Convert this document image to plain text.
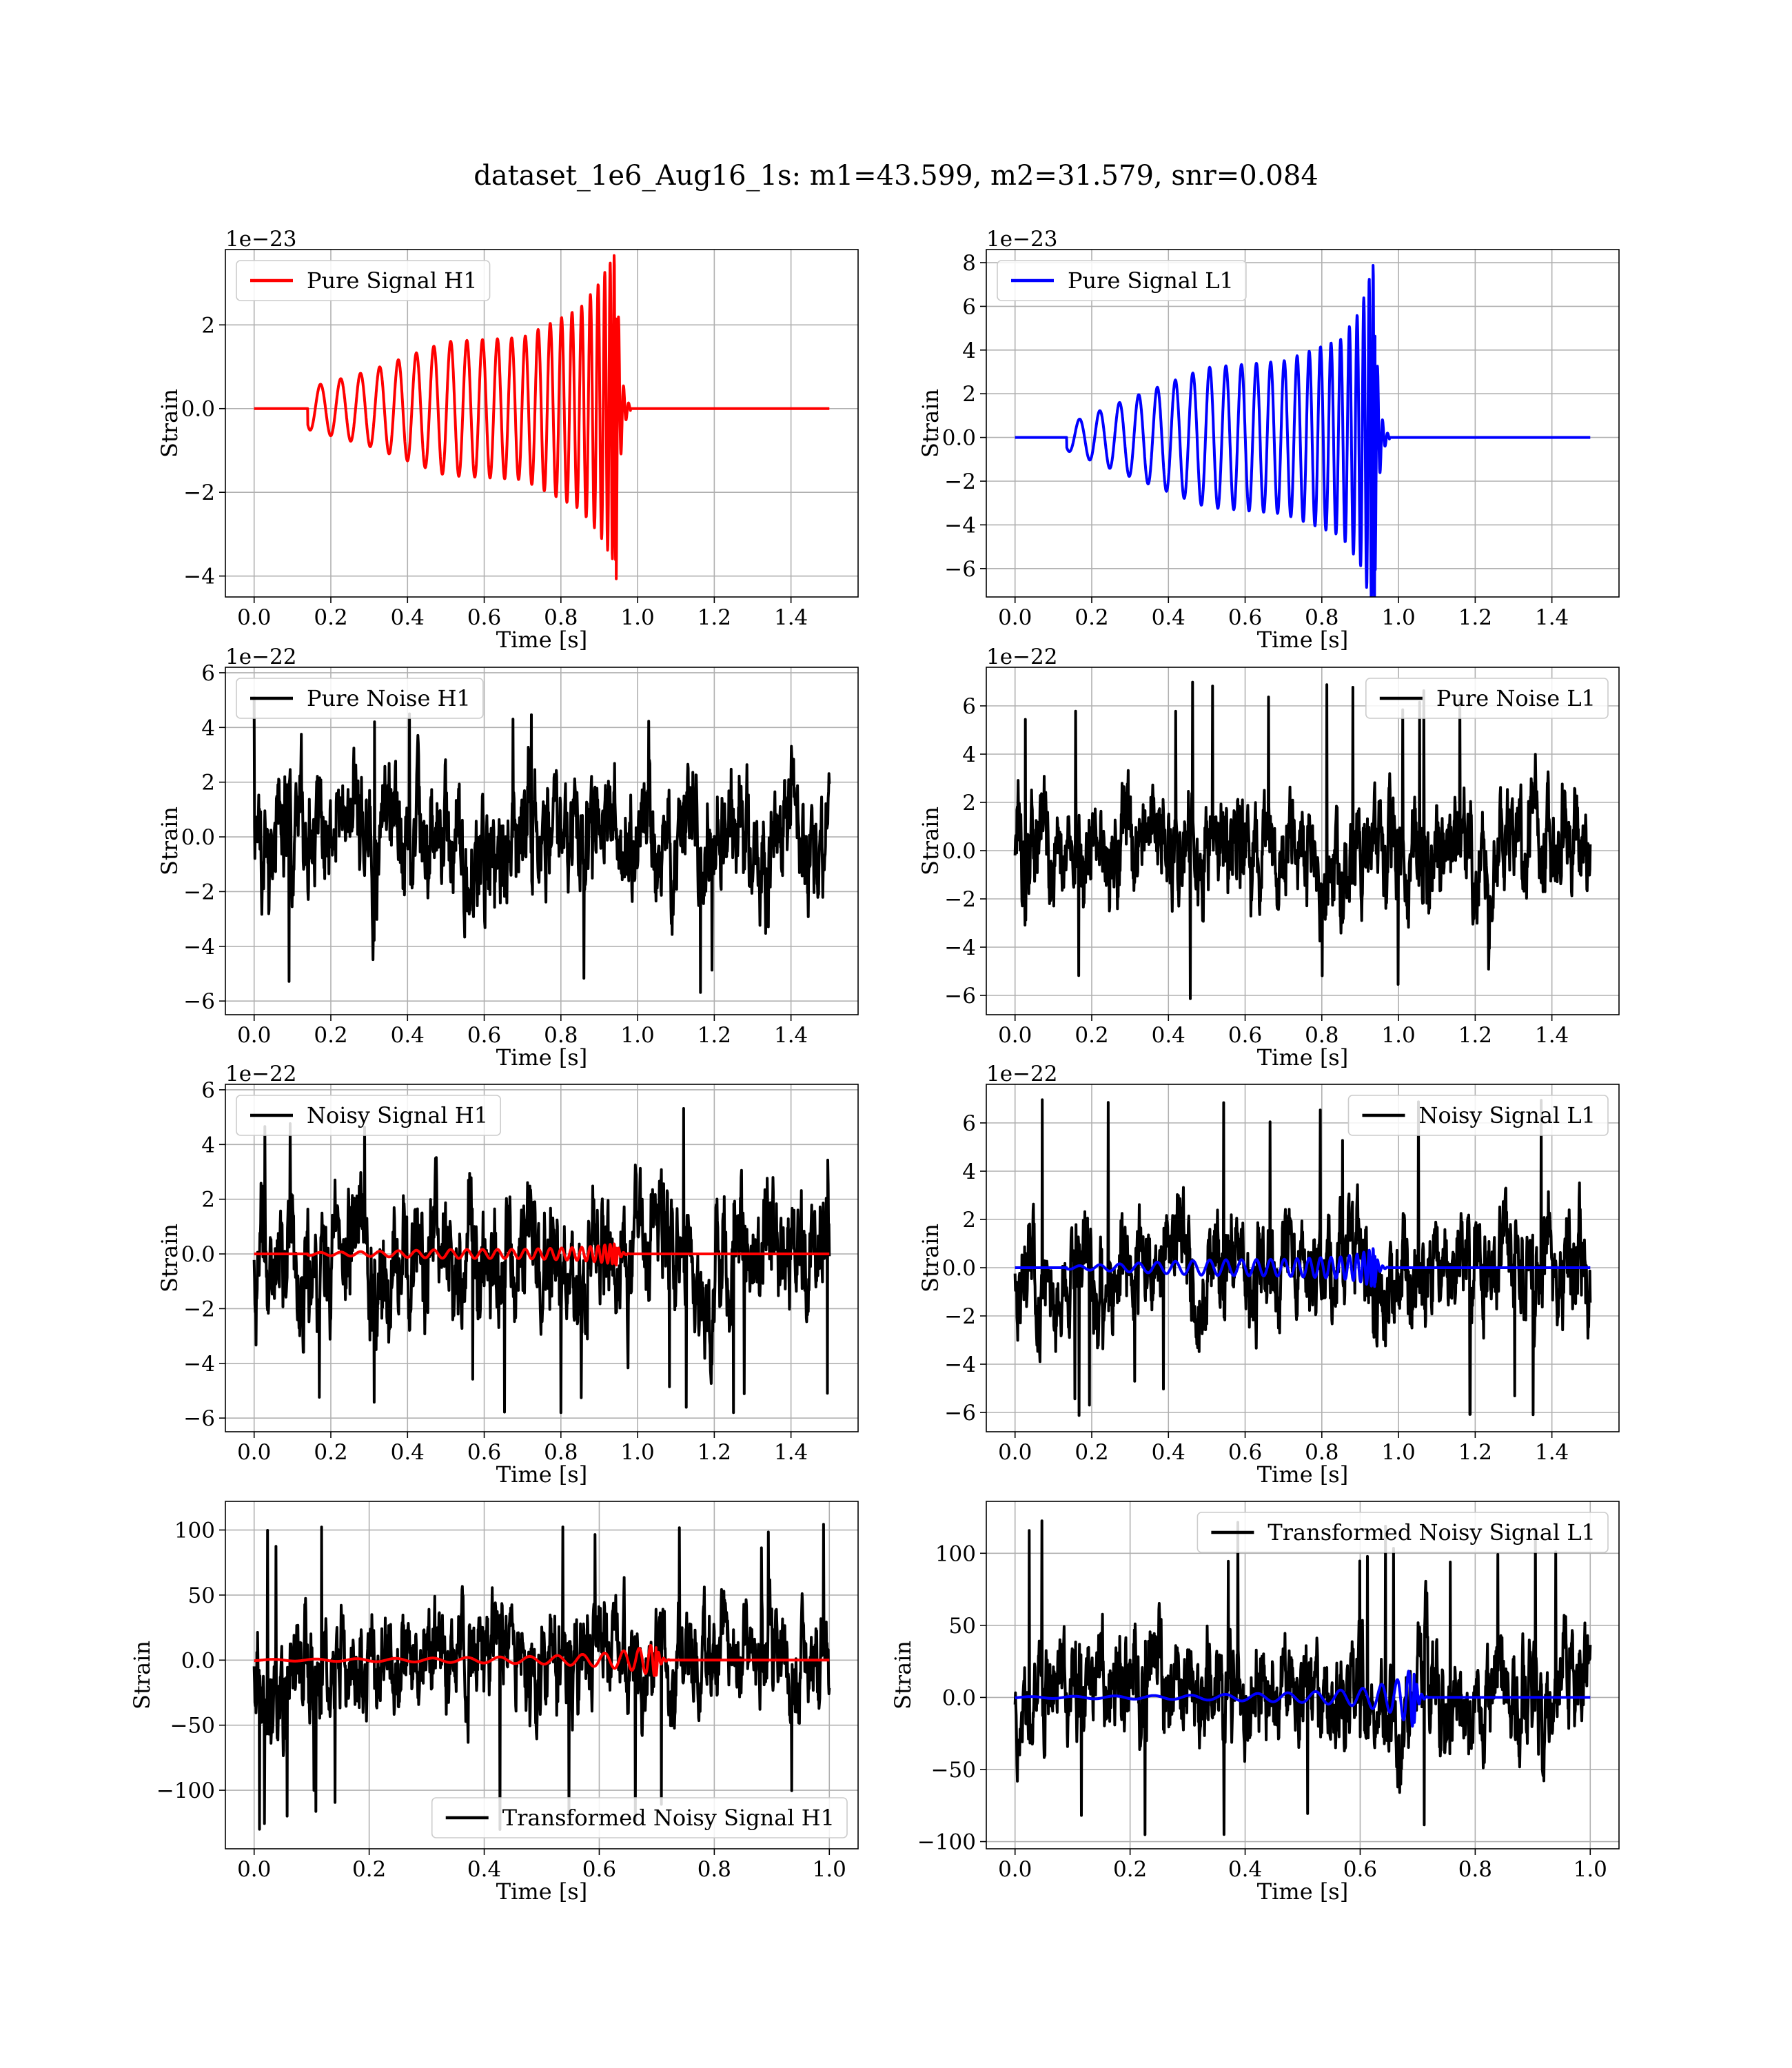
dataset_1e6_Aug16_1s: m1=43.599, m2=31.579, snr=0.084
0.0 0.2 0.4 0.6 0.8 1.0 1.2 1.4
−4
−2
0.0
2
Time [s]
Strain
1e−23
Pure Signal H1
0.0 0.2 0.4 0.6 0.8 1.0 1.2 1.4
−6
−4
−2
0.0
2
4
6
8
Time [s]
Strain
1e−23
Pure Signal L1
0.0 0.2 0.4 0.6 0.8 1.0 1.2 1.4
−6
−4
−2
0.0
2
4
6
Time [s]
Strain
1e−22
Pure Noise H1
0.0 0.2 0.4 0.6 0.8 1.0 1.2 1.4
−6
−4
−2
0.0
2
4
6
Time [s]
Strain
1e−22
Pure Noise L1
0.0 0.2 0.4 0.6 0.8 1.0 1.2 1.4
−6
−4
−2
0.0
2
4
6
Time [s]
Strain
1e−22
Noisy Signal H1
0.0 0.2 0.4 0.6 0.8 1.0 1.2 1.4
−6
−4
−2
0.0
2
4
6
Time [s]
Strain
1e−22
Noisy Signal L1
0.0	0.2	0.4	0.6	0.8	1.0
−100
−50
0.0
50
100
Time [s]
Strain
Transformed Noisy Signal H1
0.0	0.2	0.4	0.6	0.8	1.0
−100
−50
0.0
50
100
Time [s]
Strain
Transformed Noisy Signal L1
